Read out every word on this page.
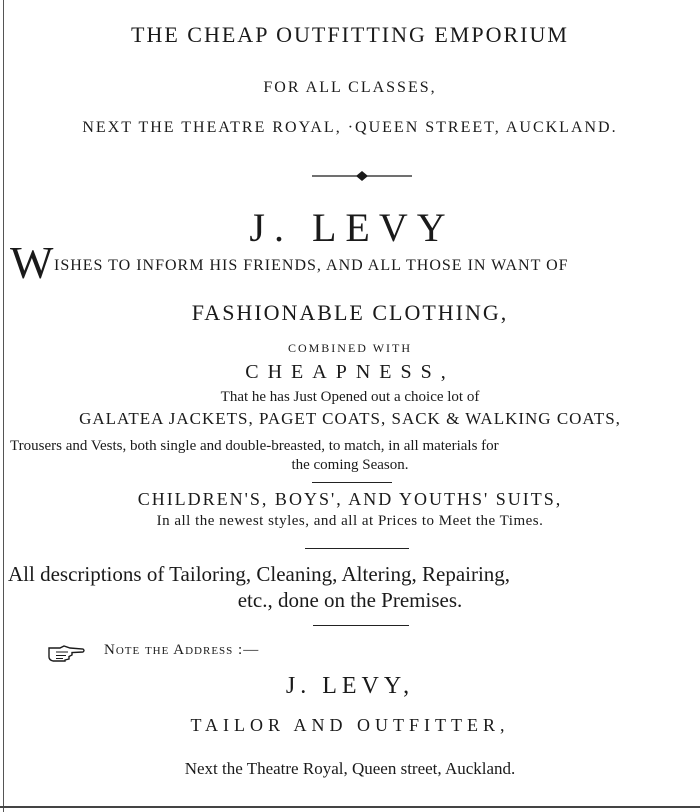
THE CHEAP OUTFITTING EMPORIUM
FOR ALL CLASSES,
NEXT THE THEATRE ROYAL, ·QUEEN STREET, AUCKLAND.
J. LEVY
W ISHES TO INFORM HIS FRIENDS, AND ALL THOSE IN WANT OF
FASHIONABLE CLOTHING,
COMBINED WITH
CHEAPNESS,
That he has Just Opened out a choice lot of
GALATEA JACKETS, PAGET COATS, SACK & WALKING COATS,
Trousers and Vests, both single and double-breasted, to match, in all materials for
the coming Season.
CHILDREN'S, BOYS', AND YOUTHS' SUITS,
In all the newest styles, and all at Prices to Meet the Times.
All descriptions of Tailoring, Cleaning, Altering, Repairing,
etc., done on the Premises.
Note the Address :—
J. LEVY,
TAILOR AND OUTFITTER,
Next the Theatre Royal, Queen street, Auckland.
